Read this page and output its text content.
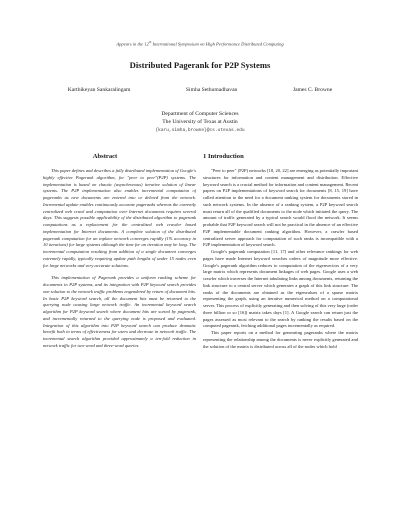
Appears in the 12th International Symposium on High Performance Distributed Computing
Distributed Pagerank for P2P Systems
Karthikeyan Sankaralingam	Simha Sethumadhavan	James C. Browne
Department of Computer Sciences
The University of Texas at Austin
{karu,simha,browne}@cs.utexas.edu
Abstract	1 Introduction

This paper defines and describes a fully distributed implementation of Google's highly effective Pagerank algorithm, for "peer to peer"(P2P) systems. The implementation is based on chaotic (asynchronous) iterative solution of linear systems. The P2P implementation also enables incremental computation of pageranks as new documents are entered into or deleted from the network. Incremental update enables continuously accurate pageranks whereas the currently centralized web crawl and computation over Internet documents requires several days. This suggests possible applicability of the distributed algorithm to pagerank computations as a replacement for the centralized web crawler based implementation for Internet documents. A complete solution of the distributed pagerank computation for an inplace network converges rapidly (1% accuracy in 10 iterations) for large systems although the time for an iteration may be long. The incremental computation resulting from addition of a single document converges extremely rapidly, typically requiring update path lengths of under 15 nodes even for large networks and very accurate solutions.

This implementation of Pagerank provides a uniform ranking scheme for documents in P2P systems, and its integration with P2P keyword search provides one solution to the network traffic problems engendered by return of document hits. In basic P2P keyword search, all the document hits must be returned to the querying node causing large network traffic. An incremental keyword search algorithm for P2P keyword search where document hits are sorted by pagerank, and incrementally returned to the querying node is proposed and evaluated. Integration of this algorithm into P2P keyword search can produce dramatic benefit both in terms of effectiveness for users and decrease in network traffic. The incremental search algorithm provided approximately a ten-fold reduction in network traffic for two-word and three-word queries.

"Peer to peer" (P2P) networks [18, 20, 22] are emerging as potentially important structures for information and content management and distribution. Effective keyword search is a crucial method for information and content management. Recent papers on P2P implementations of keyword search for documents [8, 15, 19] have called attention to the need for a document ranking system for documents stored in such network systems. In the absence of a ranking system, a P2P keyword search must return all of the qualified documents to the node which initiated the query. The amount of traffic generated by a typical search would flood the network. It seems probable that P2P keyword search will not be practical in the absence of an effective P2P implementable document ranking algorithm. However, a crawler based centralized server approach for computation of such ranks is incompatible with a P2P implementation of keyword search.

Google's pagerank computation [11, 17] and other relevance rankings for web pages have made Internet keyword searches orders of magnitude more effective. Google's pagerank algorithm reduces to computation of the eigenvectors of a very large matrix which represents document linkages of web pages. Google uses a web crawler which traverses the Internet tabulating links among documents, returning the link structure to a central server which generates a graph of this link structure. The ranks of the documents are obtained as the eigenvalues of a sparse matrix representing the graph, using an iterative numerical method on a computational server. This process of explicitly generating and then solving of this very large (order three billion or so [16]) matrix takes days [1]. A Google search can return just the pages assessed as most relevant to the search by ranking the results based on the computed pagerank, fetching additional pages incrementally as required.

This paper reports on a method for generating pageranks where the matrix representing the relationship among the documents is never explicitly generated and the solution of the matrix is distributed across all of the nodes which hold
